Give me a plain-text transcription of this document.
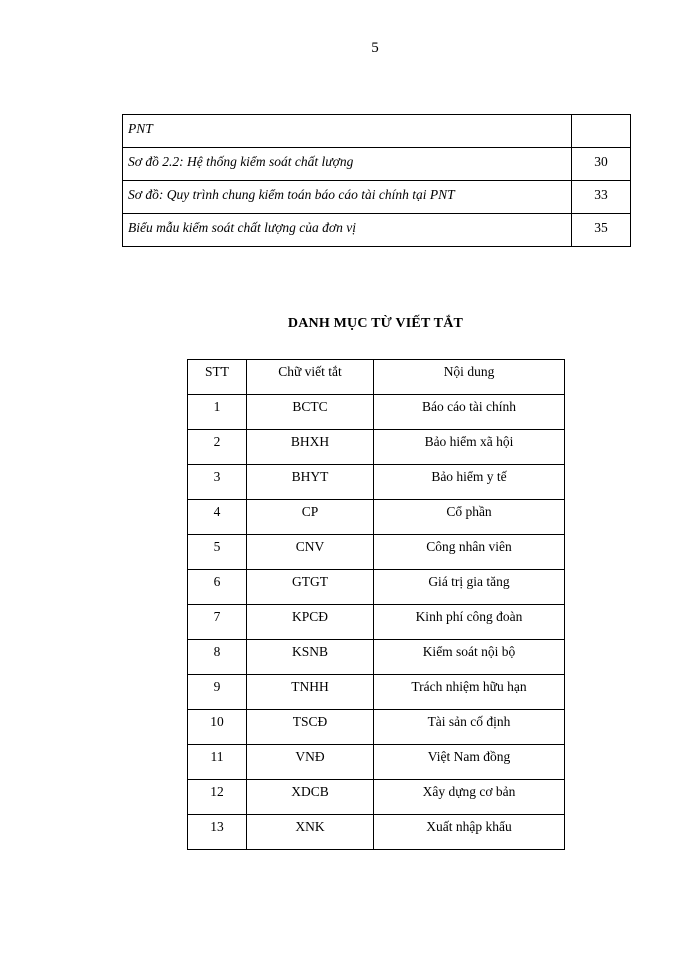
5
PNT	
Sơ đồ 2.2: Hệ thống kiểm soát chất lượng	30
Sơ đồ: Quy trình chung kiểm toán báo cáo tài chính tại PNT	33
Biểu mẫu kiểm soát chất lượng của đơn vị	35
DANH MỤC TỪ VIẾT TẮT
STT	Chữ viết tắt	Nội dung
1	BCTC	Báo cáo tài chính
2	BHXH	Bảo hiểm xã hội
3	BHYT	Bảo hiểm y tế
4	CP	Cổ phần
5	CNV	Công nhân viên
6	GTGT	Giá trị gia tăng
7	KPCĐ	Kinh phí công đoàn
8	KSNB	Kiểm soát nội bộ
9	TNHH	Trách nhiệm hữu hạn
10	TSCĐ	Tài sản cố định
11	VNĐ	Việt Nam đồng
12	XDCB	Xây dựng cơ bản
13	XNK	Xuất nhập khẩu
